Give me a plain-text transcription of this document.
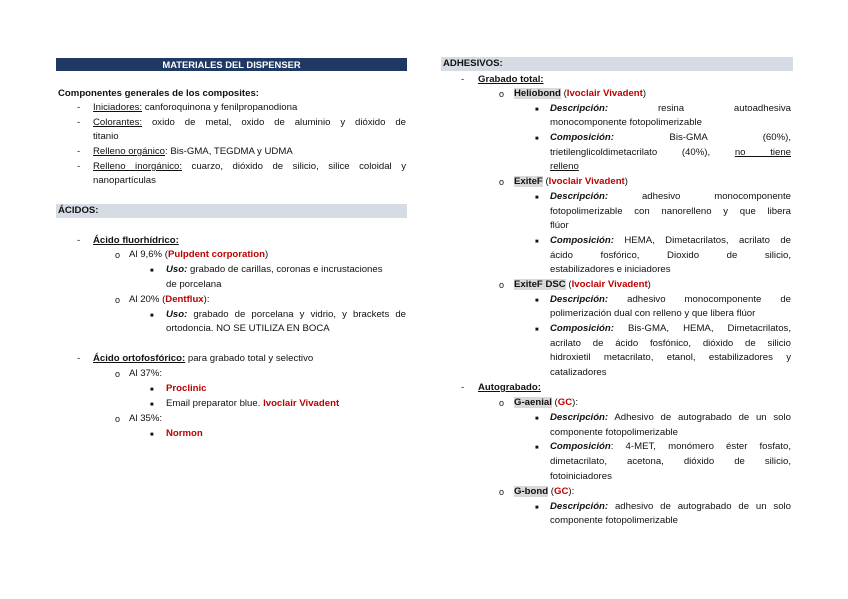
MATERIALES DEL DISPENSER
Componentes generales de los composites:
- Iniciadores: canforoquinona y fenilpropanodiona
- Colorantes: oxido de metal, oxido de aluminio y dióxido de
titanio
- Relleno orgánico: Bis-GMA, TEGDMA y UDMA
- Relleno inorgánico: cuarzo, dióxido de silicio, silice coloidal y
nanopartículas
ÁCIDOS:
- Ácido fluorhídrico:
o Al 9,6% (Pulpdent corporation)
■ Uso: grabado de carillas, coronas e incrustaciones
de porcelana
o Al 20% (Dentflux):
■ Uso: grabado de porcelana y vidrio, y brackets de
ortodoncia. NO SE UTILIZA EN BOCA
- Ácido ortofosfórico: para grabado total y selectivo
o Al 37%:
■ Proclinic
■ Email preparator blue. Ivoclair Vivadent
o Al 35%:
■ Normon
ADHESIVOS:
- Grabado total:
o Heliobond (Ivoclair Vivadent)
■ Descripción:	resina	autoadhesiva
monocomponente fotopolimerizable
■ Composición:	Bis-GMA	(60%),
trietilenglicoldimetacrilato (40%),	no tiene
relleno
o ExiteF (Ivoclair Vivadent)
■ Descripción:	adhesivo monocomponente
fotopolimerizable con nanorelleno y que libera
flúor
■ Composición: HEMA, Dimetacrilatos, acrilato de
ácido fosfórico, Dioxido de silicio,
estabilizadores e iniciadores
o ExiteF DSC (Ivoclair Vivadent)
■ Descripción: adhesivo monocomponente de
polimerización dual con relleno y que libera flúor
■ Composición: Bis-GMA, HEMA, Dimetacrilatos,
acrilato de ácido fosfónico, dióxido de silicio
hidroxietil metacrilato, etanol, estabilizadores y
catalizadores
- Autograbado:
o G-aenial (GC):
■ Descripción: Adhesivo de autograbado de un solo
componente fotopolimerizable
■ Composición: 4-MET, monómero éster fosfato,
dimetacrilato, acetona, dióxido de silicio,
fotoiniciadores
o G-bond (GC):
■ Descripción: adhesivo de autograbado de un solo
componente fotopolimerizable
